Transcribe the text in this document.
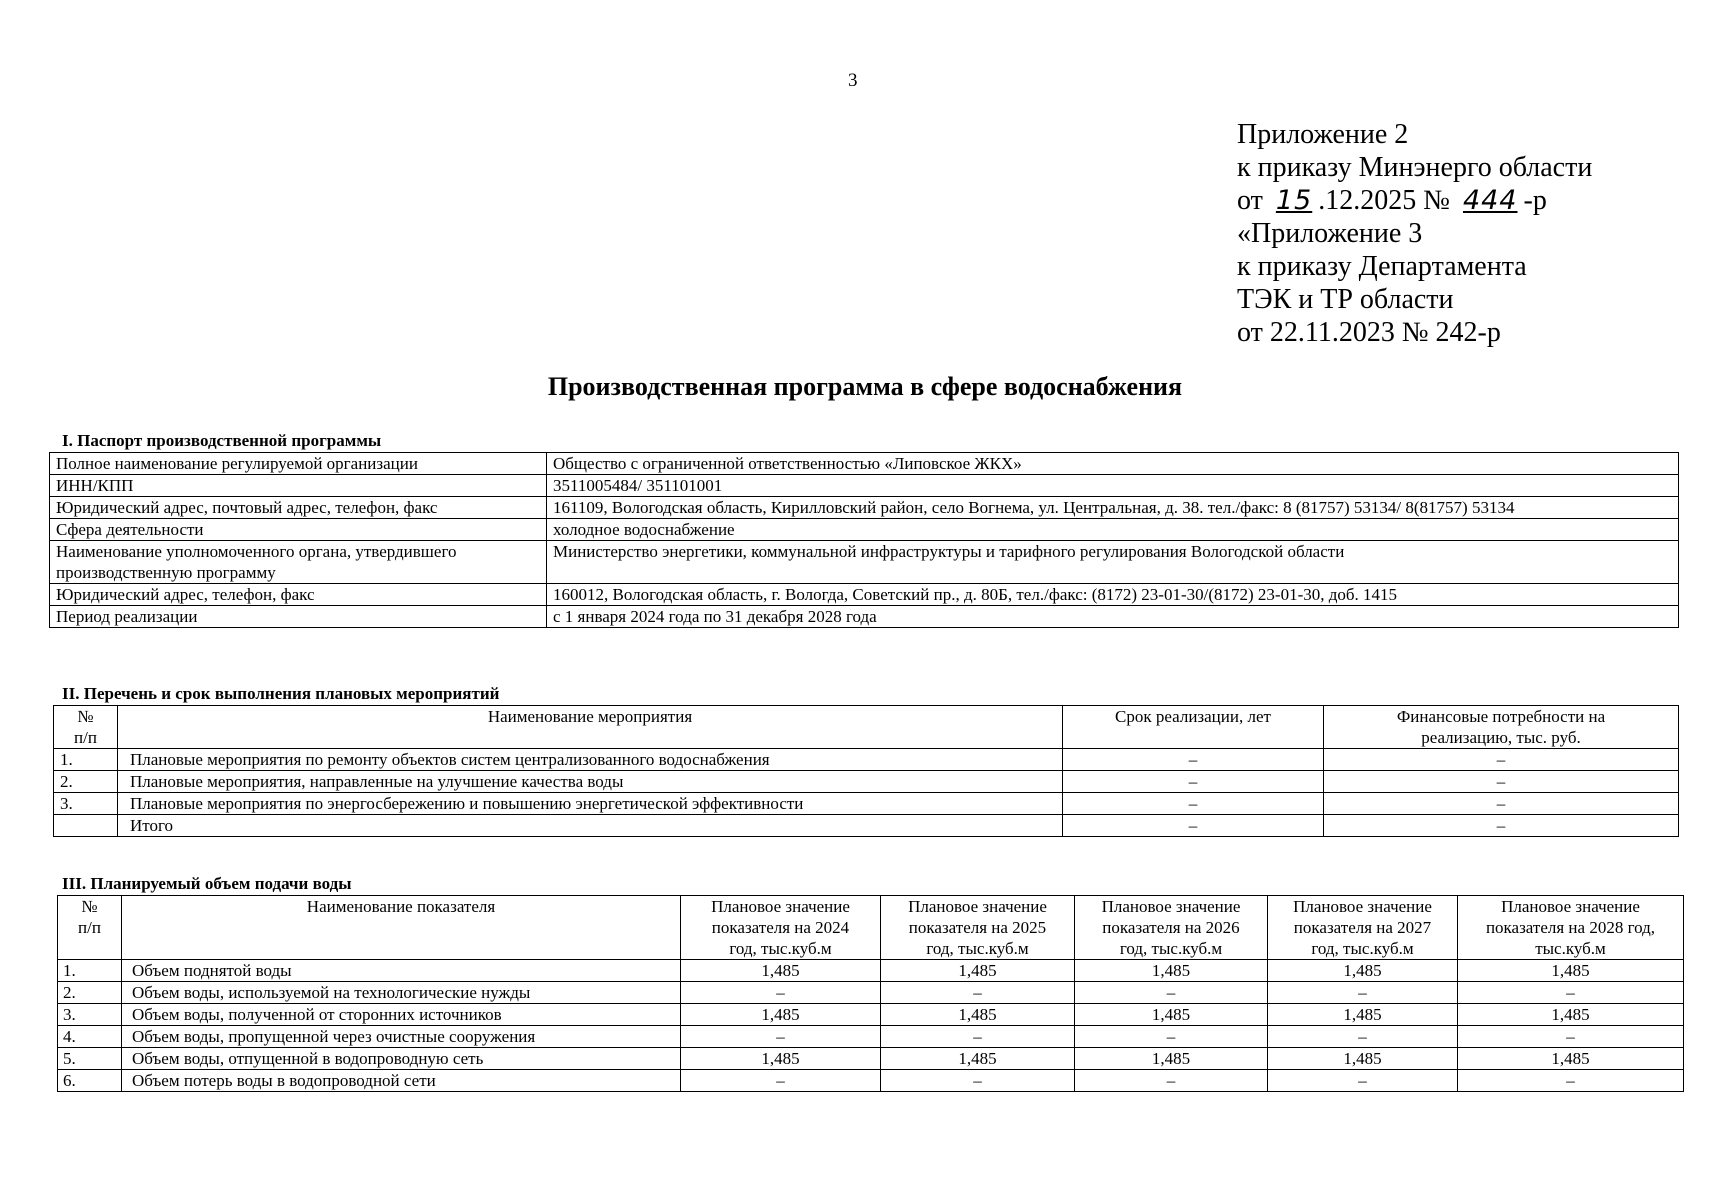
3
Приложение 2
к приказу Минэнерго области
от 15 .12.2025 № 444 -р
«Приложение 3
к приказу Департамента
ТЭК и ТР области
от 22.11.2023 № 242-р
Производственная программа в сфере водоснабжения
I. Паспорт производственной программы
Полное наименование регулируемой организации	Общество с ограниченной ответственностью «Липовское ЖКХ»
ИНН/КПП	3511005484/ 351101001
Юридический адрес, почтовый адрес, телефон, факс	161109, Вологодская область, Кирилловский район, село Вогнема, ул. Центральная, д. 38. тел./факс: 8 (81757) 53134/ 8(81757) 53134
Сфера деятельности	холодное водоснабжение
Наименование уполномоченного органа, утвердившего производственную программу	Министерство энергетики, коммунальной инфраструктуры и тарифного регулирования Вологодской области
Юридический адрес, телефон, факс	160012, Вологодская область, г. Вологда, Советский пр., д. 80Б, тел./факс: (8172) 23-01-30/(8172) 23-01-30, доб. 1415
Период реализации	с 1 января 2024 года по 31 декабря 2028 года
II. Перечень и срок выполнения плановых мероприятий
№ п/п	Наименование мероприятия	Срок реализации, лет	Финансовые потребности на реализацию, тыс. руб.
1.	Плановые мероприятия по ремонту объектов систем централизованного водоснабжения	–	–
2.	Плановые мероприятия, направленные на улучшение качества воды	–	–
3.	Плановые мероприятия по энергосбережению и повышению энергетической эффективности	–	–
	Итого	–	–
III. Планируемый объем подачи воды
№ п/п	Наименование показателя	Плановое значение показателя на 2024 год, тыс.куб.м	Плановое значение показателя на 2025 год, тыс.куб.м	Плановое значение показателя на 2026 год, тыс.куб.м	Плановое значение показателя на 2027 год, тыс.куб.м	Плановое значение показателя на 2028 год, тыс.куб.м
1.	Объем поднятой воды	1,485	1,485	1,485	1,485	1,485
2.	Объем воды, используемой на технологические нужды	–	–	–	–	–
3.	Объем воды, полученной от сторонних источников	1,485	1,485	1,485	1,485	1,485
4.	Объем воды, пропущенной через очистные сооружения	–	–	–	–	–
5.	Объем воды, отпущенной в водопроводную сеть	1,485	1,485	1,485	1,485	1,485
6.	Объем потерь воды в водопроводной сети	–	–	–	–	–
